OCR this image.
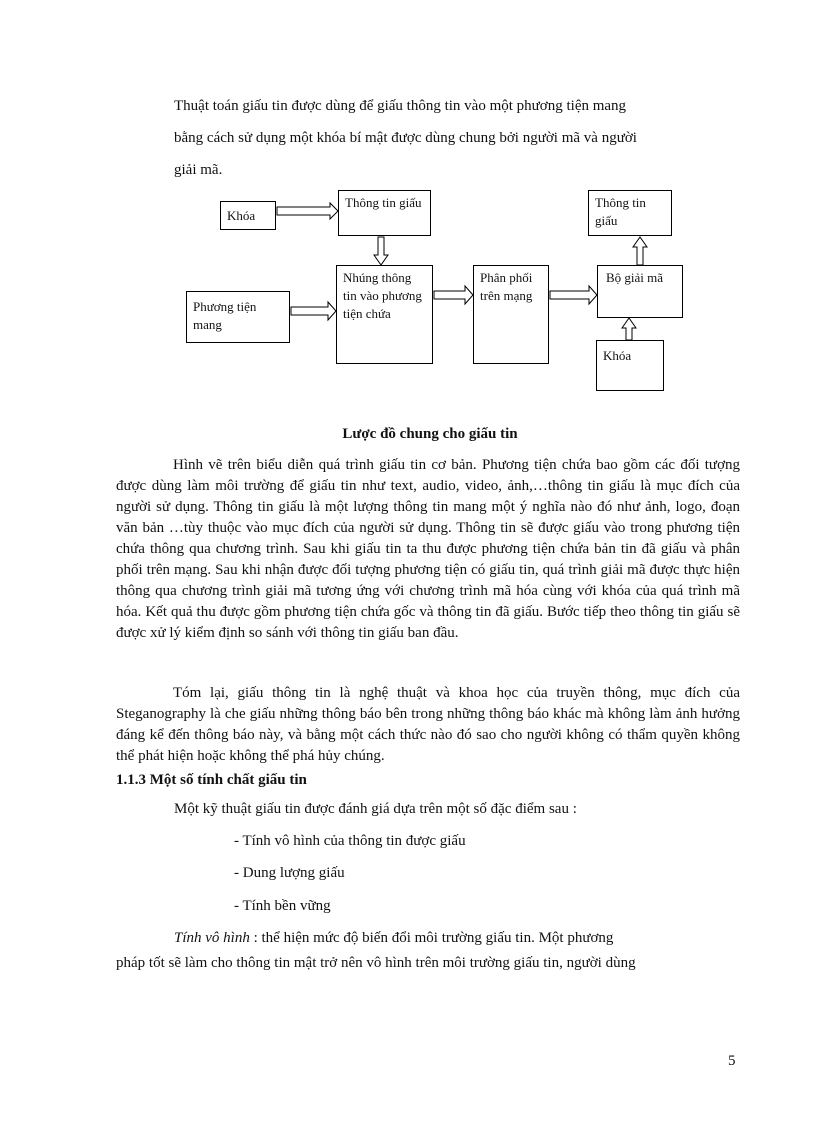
Thuật toán giấu tin được dùng để giấu thông tin vào một phương tiện mang
bằng cách sử dụng một khóa bí mật được dùng chung bởi người mã và người
giải mã.
Khóa
Thông tin giấu
Phương tiện mang
Nhúng thông tin vào phương tiện chứa
Phân phối trên mạng
Thông tin giấu
Bộ giải mã
Khóa
Lược đồ chung cho giấu tin
Hình vẽ trên biểu diễn quá trình giấu tin cơ bản. Phương tiện chứa bao gồm các đối tượng được dùng làm môi trường để giấu tin như text, audio, video, ảnh,…thông tin giấu là mục đích của người sử dụng. Thông tin giấu là một lượng thông tin mang một ý nghĩa nào đó như ảnh, logo, đoạn văn bản …tùy thuộc vào mục đích của người sử dụng. Thông tin sẽ được giấu vào trong phương tiện chứa thông qua chương trình. Sau khi giấu tin ta thu được phương tiện chứa bản tin đã giấu và phân phối trên mạng. Sau khi nhận được đối tượng phương tiện có giấu tin, quá trình giải mã được thực hiện thông qua chương trình giải mã tương ứng với chương trình mã hóa cùng với khóa của quá trình mã hóa. Kết quả thu được gồm phương tiện chứa gốc và thông tin đã giấu. Bước tiếp theo thông tin giấu sẽ được xử lý kiểm định so sánh với thông tin giấu ban đầu.
Tóm lại, giấu thông tin là nghệ thuật và khoa học của truyền thông, mục đích của Steganography là che giấu những thông báo bên trong những thông báo khác mà không làm ảnh hưởng đáng kể đến thông báo này, và bằng một cách thức nào đó sao cho người không có thẩm quyền không thể phát hiện hoặc không thể phá hủy chúng.
1.1.3 Một số tính chất giấu tin
Một kỹ thuật giấu tin được đánh giá dựa trên một số đặc điểm sau :
- Tính vô hình của thông tin được giấu
- Dung lượng giấu
- Tính bền vững
Tính vô hình : thể hiện mức độ biến đổi môi trường giấu tin. Một phương
pháp tốt sẽ làm cho thông tin mật trở nên vô hình trên môi trường giấu tin, người dùng
5
